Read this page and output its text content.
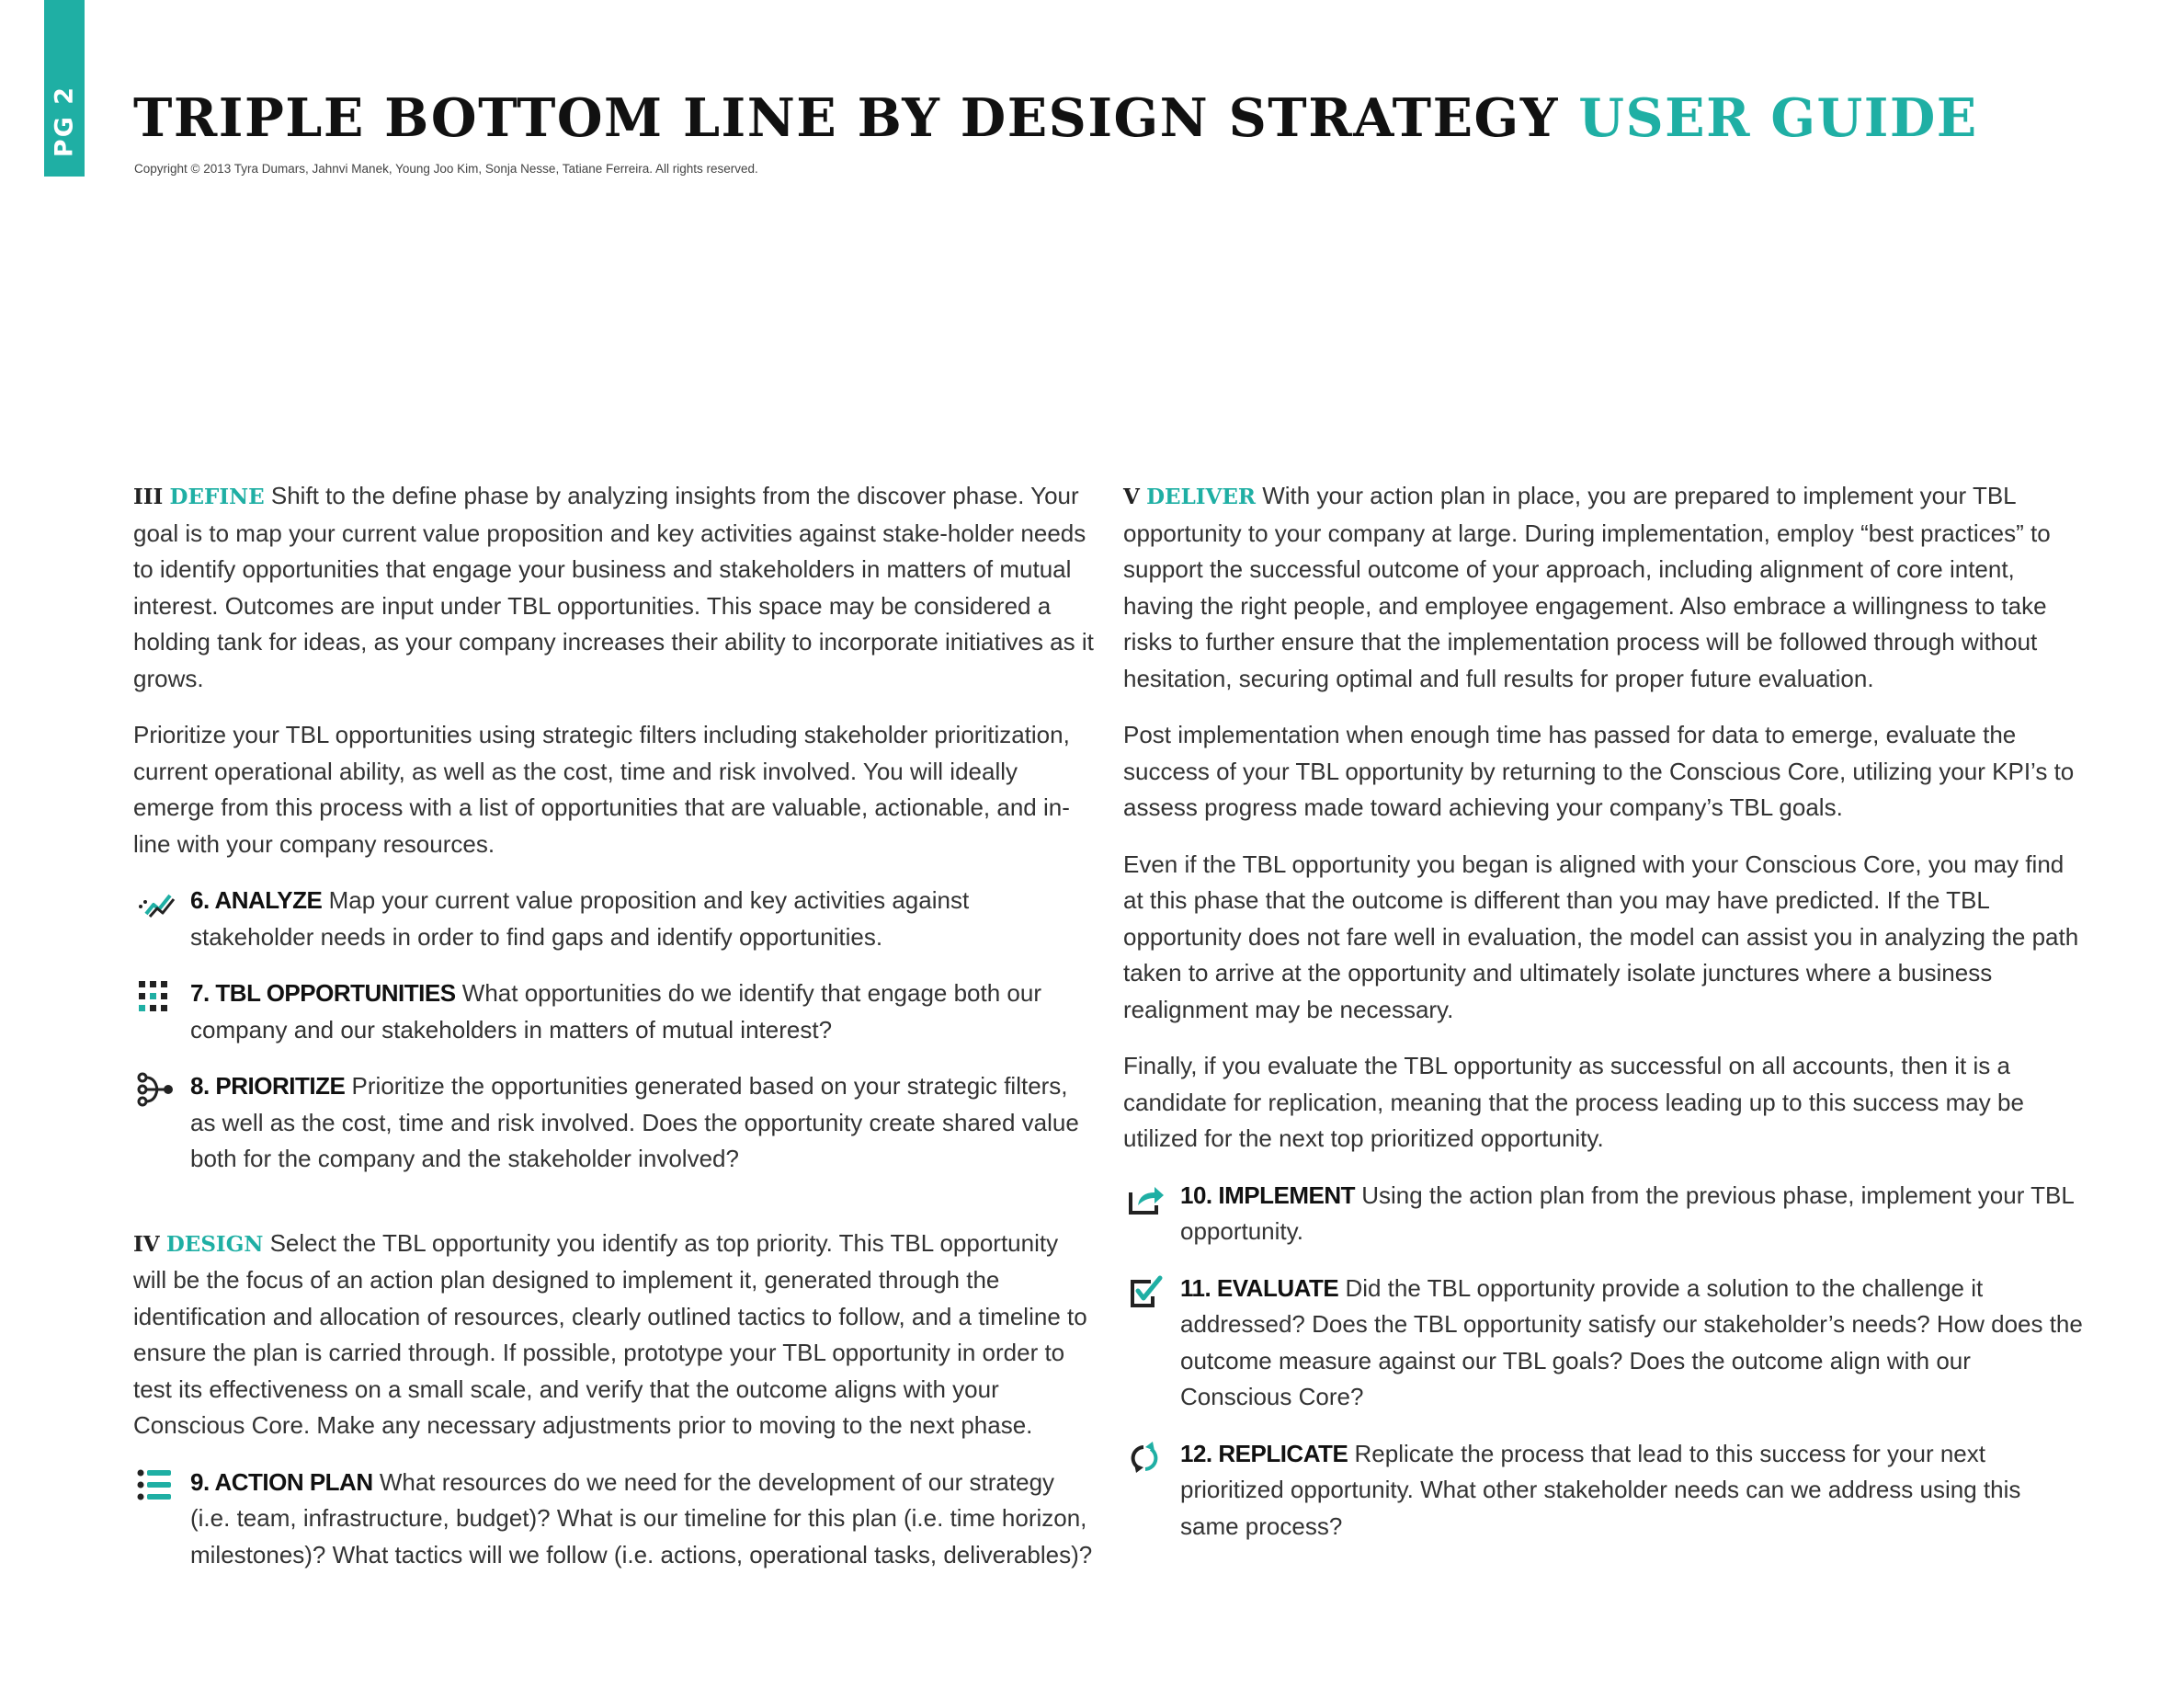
PG 2 TRIPLE BOTTOM LINE BY DESIGN STRATEGY USER GUIDE
Copyright © 2013 Tyra Dumars, Jahnvi Manek, Young Joo Kim, Sonja Nesse, Tatiane Ferreira. All rights reserved.

III DEFINE Shift to the define phase by analyzing insights from the discover phase. Your goal is to map your current value proposition and key activities against stake-holder needs to identify opportunities that engage your business and stakeholders in matters of mutual interest. Outcomes are input under TBL opportunities. This space may be considered a holding tank for ideas, as your company increases their ability to incorporate initiatives as it grows.

Prioritize your TBL opportunities using strategic filters including stakeholder prioritization, current operational ability, as well as the cost, time and risk involved. You will ideally emerge from this process with a list of opportunities that are valuable, actionable, and in-line with your company resources.

6. ANALYZE Map your current value proposition and key activities against stakeholder needs in order to find gaps and identify opportunities.
7. TBL OPPORTUNITIES What opportunities do we identify that engage both our company and our stakeholders in matters of mutual interest?
8. PRIORITIZE Prioritize the opportunities generated based on your strategic filters, as well as the cost, time and risk involved. Does the opportunity create shared value both for the company and the stakeholder involved?

IV DESIGN Select the TBL opportunity you identify as top priority. This TBL opportunity will be the focus of an action plan designed to implement it, generated through the identification and allocation of resources, clearly outlined tactics to follow, and a timeline to ensure the plan is carried through. If possible, prototype your TBL opportunity in order to test its effectiveness on a small scale, and verify that the outcome aligns with your Conscious Core. Make any necessary adjustments prior to moving to the next phase.

9. ACTION PLAN What resources do we need for the development of our strategy (i.e. team, infrastructure, budget)? What is our timeline for this plan (i.e. time horizon, milestones)? What tactics will we follow (i.e. actions, operational tasks, deliverables)?

V DELIVER With your action plan in place, you are prepared to implement your TBL opportunity to your company at large. During implementation, employ “best practices” to support the successful outcome of your approach, including alignment of core intent, having the right people, and employee engagement. Also embrace a willingness to take risks to further ensure that the implementation process will be followed through without hesitation, securing optimal and full results for proper future evaluation.

Post implementation when enough time has passed for data to emerge, evaluate the success of your TBL opportunity by returning to the Conscious Core, utilizing your KPI’s to assess progress made toward achieving your company’s TBL goals.

Even if the TBL opportunity you began is aligned with your Conscious Core, you may find at this phase that the outcome is different than you may have predicted. If the TBL opportunity does not fare well in evaluation, the model can assist you in analyzing the path taken to arrive at the opportunity and ultimately isolate junctures where a business realignment may be necessary.

Finally, if you evaluate the TBL opportunity as successful on all accounts, then it is a candidate for replication, meaning that the process leading up to this success may be utilized for the next top prioritized opportunity.

10. IMPLEMENT Using the action plan from the previous phase, implement your TBL opportunity.
11. EVALUATE Did the TBL opportunity provide a solution to the challenge it addressed? Does the TBL opportunity satisfy our stakeholder’s needs? How does the outcome measure against our TBL goals? Does the outcome align with our Conscious Core?
12. REPLICATE Replicate the process that lead to this success for your next prioritized opportunity. What other stakeholder needs can we address using this same process?
